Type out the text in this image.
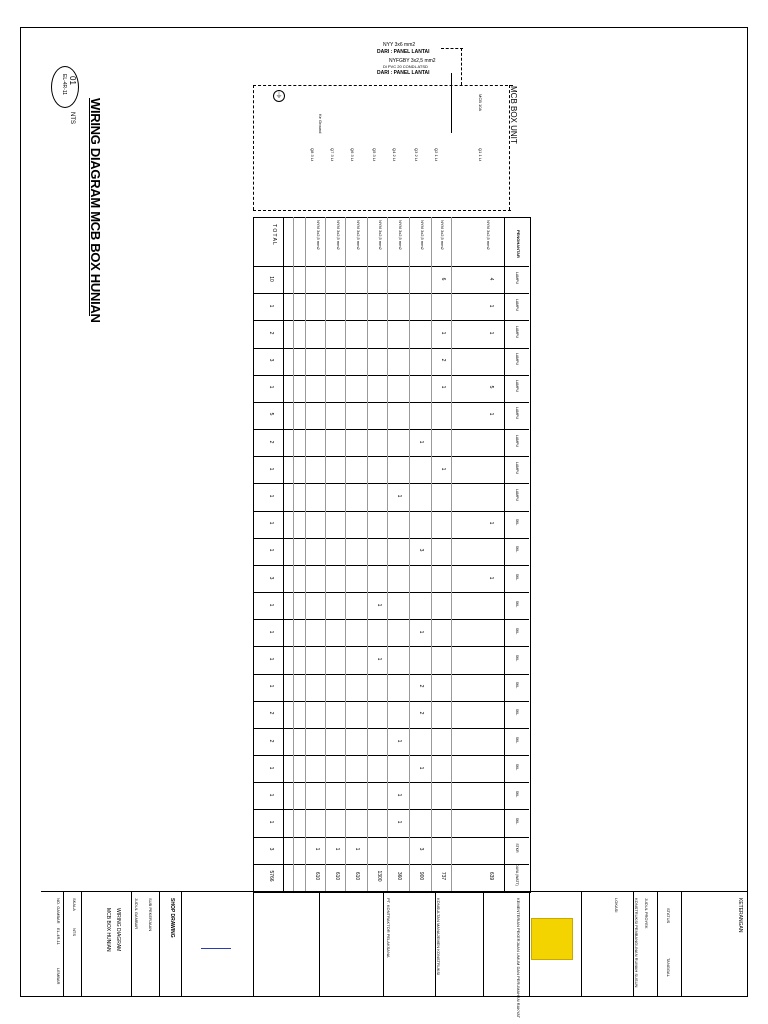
01
EL-4R-11
WIRING DIAGRAM MCB BOX HUNIAN
NTS
NYY 3x6 mm2
DARI : PANEL LANTAI
NYFGBY 3x2,5 mm2
Di PVC 20 CONDL ATSD
DARI : PANEL LANTAI
MCB BOX UNIT
MCB 10A
Ke Ground
⏚
Q1 1 Lt
Q2 1 Lt
Q3 2 Lt
Q4 2 Lt
Q5 3 Lt
Q6 3 Lt
Q7 3 Lt
Q8 3 Lt
PENGHANTAR
T O T A L	NYM 3x2,5 mm2
NYM 3x2,5 mm2
NYM 3x2,5 mm2
NYM 3x2,5 mm2
NYM 3x2,5 mm2
NYM 3x2,5 mm2
NYM 3x2,5 mm2
NYM 3x2,5 mm2
KETERANGAN
JUDUL PROYEK	STATUS
TANGGAL
KONSTRUKSI PEMBANGUNAN RUMAH SUSUN
LOKASI
KEMENTERIAN PEKERJAAN UMUM DAN PERUMAHAN RAKYAT
KONSULTAN MANAJEMEN KONSTRUKSI
PT. KONTRAKTOR PELAKSANA
SHOP DRAWING
SUB PEKERJAAN
JUDUL GAMBAR
WIRING DIAGRAM
MCB BOX HUNIAN
SKALA
NTS
NO. GAMBAR
EL-4R-11
LEMBAR
LAMPU
4
6
10
LAMPU
1
1
LAMPU
1
1
2
LAMPU
2
3
LAMPU
5
1
1
LAMPU
1
5
LAMPU
1
2
LAMPU
1
1
LAMPU
1
1
SKL
1
1
SKL
3
1
SKL
1
3
SKL
1
1
SKL
1
1
SKL
1
1
SKL
2
1
SKL
2
2
SKL
1
2
SKL
1
1
SKL
1
1
SKL
1
1
STKR
3
1
1
1
3
DAYA (WATT)
639
737
900
360
1300
610
610
610
5766
